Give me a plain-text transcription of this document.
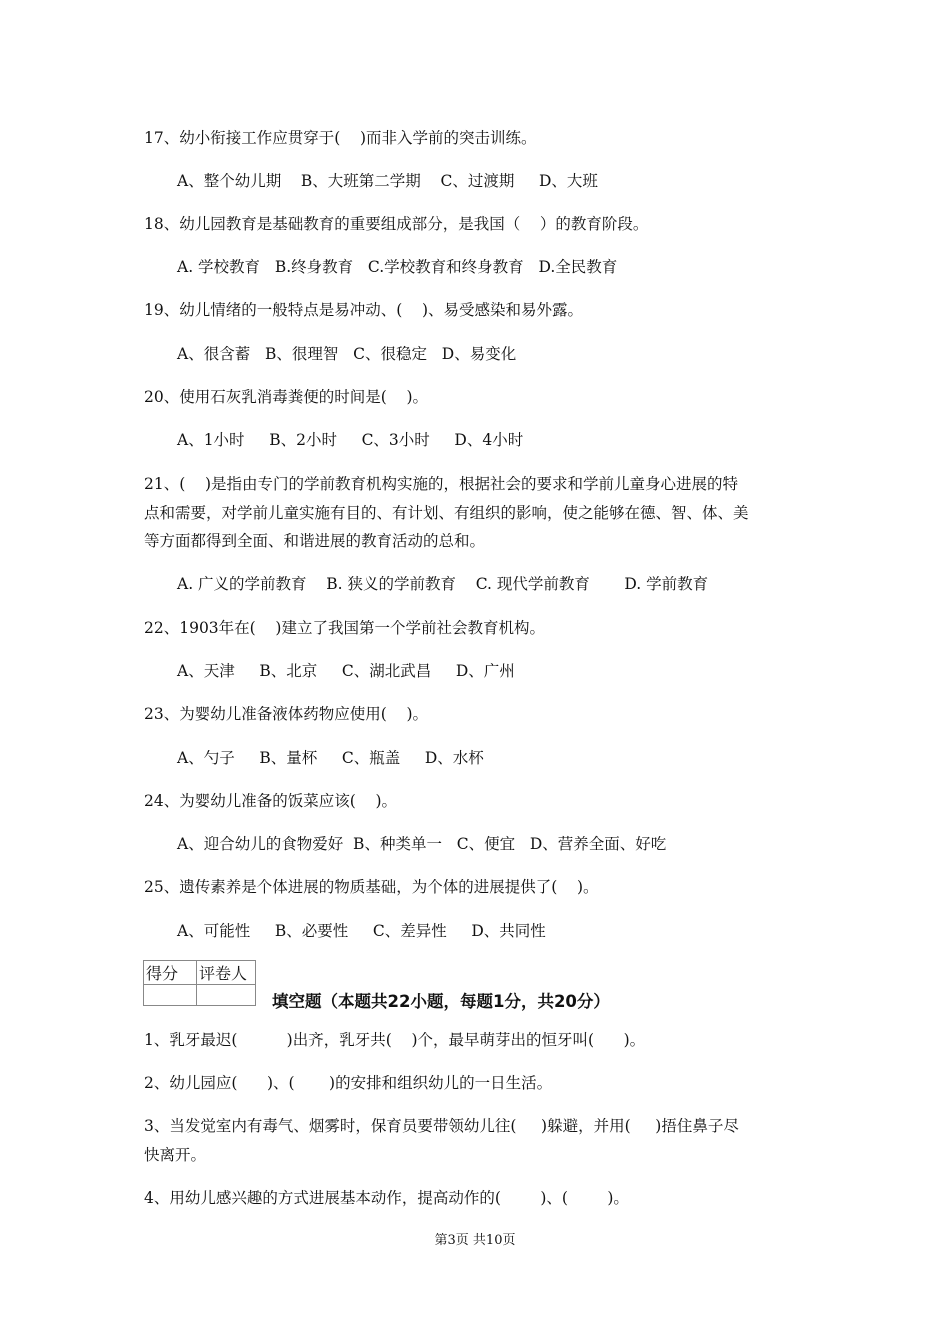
17、幼小衔接工作应贯穿于(    )而非入学前的突击训练。
A、整个幼儿期    B、大班第二学期    C、过渡期     D、大班
18、幼儿园教育是基础教育的重要组成部分，是我国（    ）的教育阶段。
A. 学校教育   B.终身教育   C.学校教育和终身教育   D.全民教育
19、幼儿情绪的一般特点是易冲动、(    )、易受感染和易外露。
A、很含蓄   B、很理智   C、很稳定   D、易变化
20、使用石灰乳消毒粪便的时间是(    )。
A、1小时     B、2小时     C、3小时     D、4小时
21、(    )是指由专门的学前教育机构实施的，根据社会的要求和学前儿童身心进展的特
点和需要，对学前儿童实施有目的、有计划、有组织的影响，使之能够在德、智、体、美
等方面都得到全面、和谐进展的教育活动的总和。
A. 广义的学前教育    B. 狭义的学前教育    C. 现代学前教育       D. 学前教育
22、1903年在(    )建立了我国第一个学前社会教育机构。
A、天津     B、北京     C、湖北武昌     D、广州
23、为婴幼儿准备液体药物应使用(    )。
A、勺子     B、量杯     C、瓶盖     D、水杯
24、为婴幼儿准备的饭菜应该(    )。
A、迎合幼儿的食物爱好  B、种类单一   C、便宜   D、营养全面、好吃
25、遗传素养是个体进展的物质基础，为个体的进展提供了(    )。
A、可能性     B、必要性     C、差异性     D、共同性
得分	评卷人

填空题（本题共22小题，每题1分，共20分）
1、乳牙最迟(          )出齐，乳牙共(    )个，最早萌芽出的恒牙叫(      )。
2、幼儿园应(      )、(       )的安排和组织幼儿的一日生活。
3、当发觉室内有毒气、烟雾时，保育员要带领幼儿往(     )躲避，并用(     )捂住鼻子尽
快离开。
4、用幼儿感兴趣的方式进展基本动作，提高动作的(        )、(        )。
第3页 共10页
